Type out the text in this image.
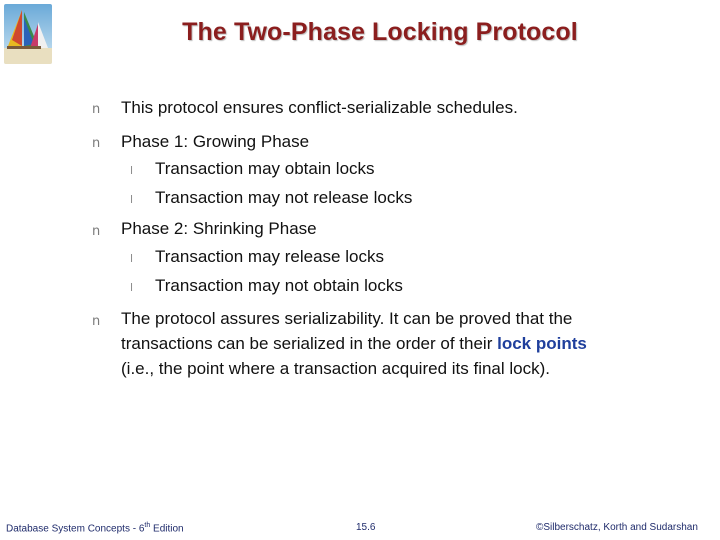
The Two-Phase Locking Protocol
n This protocol ensures conflict-serializable schedules.
n Phase 1: Growing Phase
l Transaction may obtain locks
l Transaction may not release locks
n Phase 2: Shrinking Phase
l Transaction may release locks
l Transaction may not obtain locks
n The protocol assures serializability. It can be proved that the
transactions can be serialized in the order of their lock points
(i.e., the point where a transaction acquired its final lock).
Database System Concepts - 6th Edition	15.6	©Silberschatz, Korth and Sudarshan
